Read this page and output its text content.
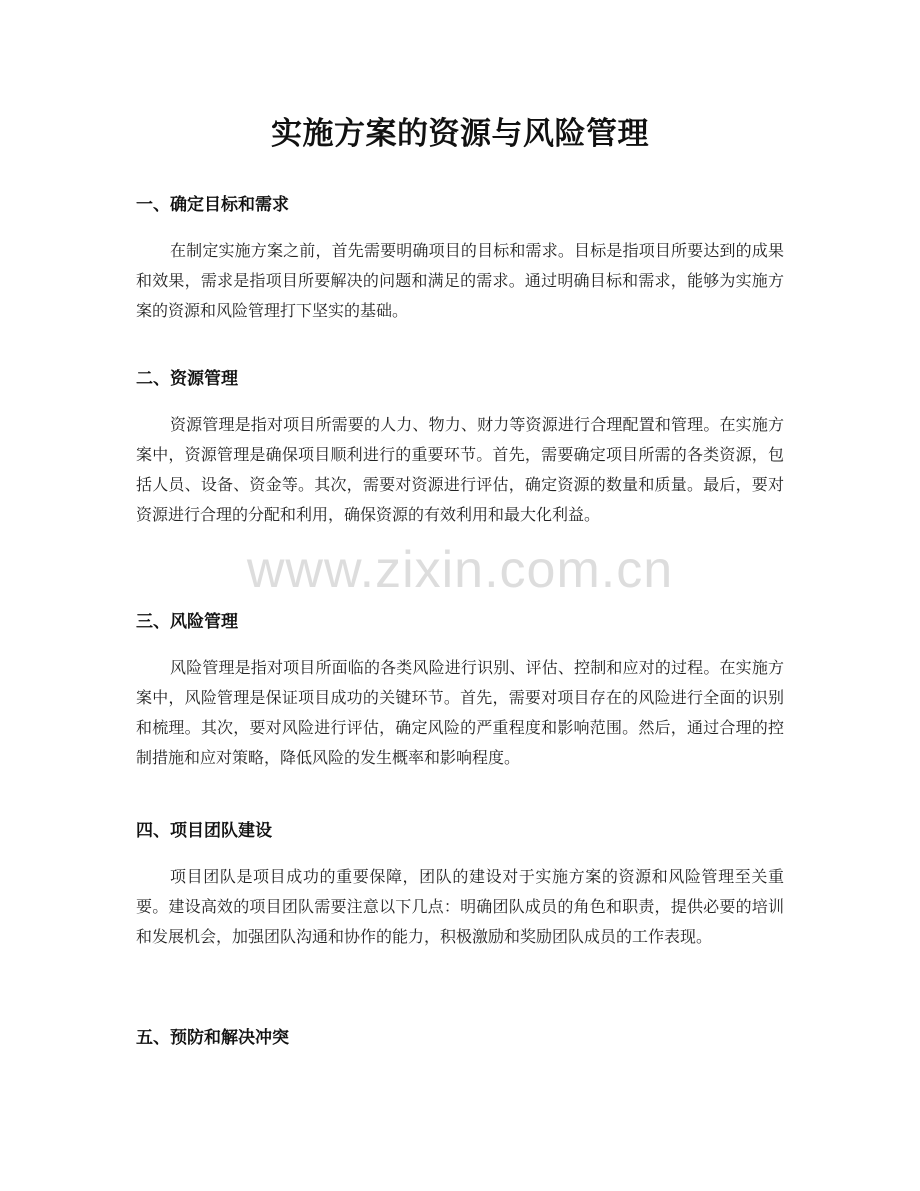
实施方案的资源与风险管理
一、确定目标和需求

在制定实施方案之前，首先需要明确项目的目标和需求。目标是指项目所要达到的成果和效果，需求是指项目所要解决的问题和满足的需求。通过明确目标和需求，能够为实施方案的资源和风险管理打下坚实的基础。

二、资源管理

资源管理是指对项目所需要的人力、物力、财力等资源进行合理配置和管理。在实施方案中，资源管理是确保项目顺利进行的重要环节。首先，需要确定项目所需的各类资源，包括人员、设备、资金等。其次，需要对资源进行评估，确定资源的数量和质量。最后，要对资源进行合理的分配和利用，确保资源的有效利用和最大化利益。

三、风险管理

风险管理是指对项目所面临的各类风险进行识别、评估、控制和应对的过程。在实施方案中，风险管理是保证项目成功的关键环节。首先，需要对项目存在的风险进行全面的识别和梳理。其次，要对风险进行评估，确定风险的严重程度和影响范围。然后，通过合理的控制措施和应对策略，降低风险的发生概率和影响程度。

四、项目团队建设

项目团队是项目成功的重要保障，团队的建设对于实施方案的资源和风险管理至关重要。建设高效的项目团队需要注意以下几点：明确团队成员的角色和职责，提供必要的培训和发展机会，加强团队沟通和协作的能力，积极激励和奖励团队成员的工作表现。

五、预防和解决冲突
www.zixin.com.cn
